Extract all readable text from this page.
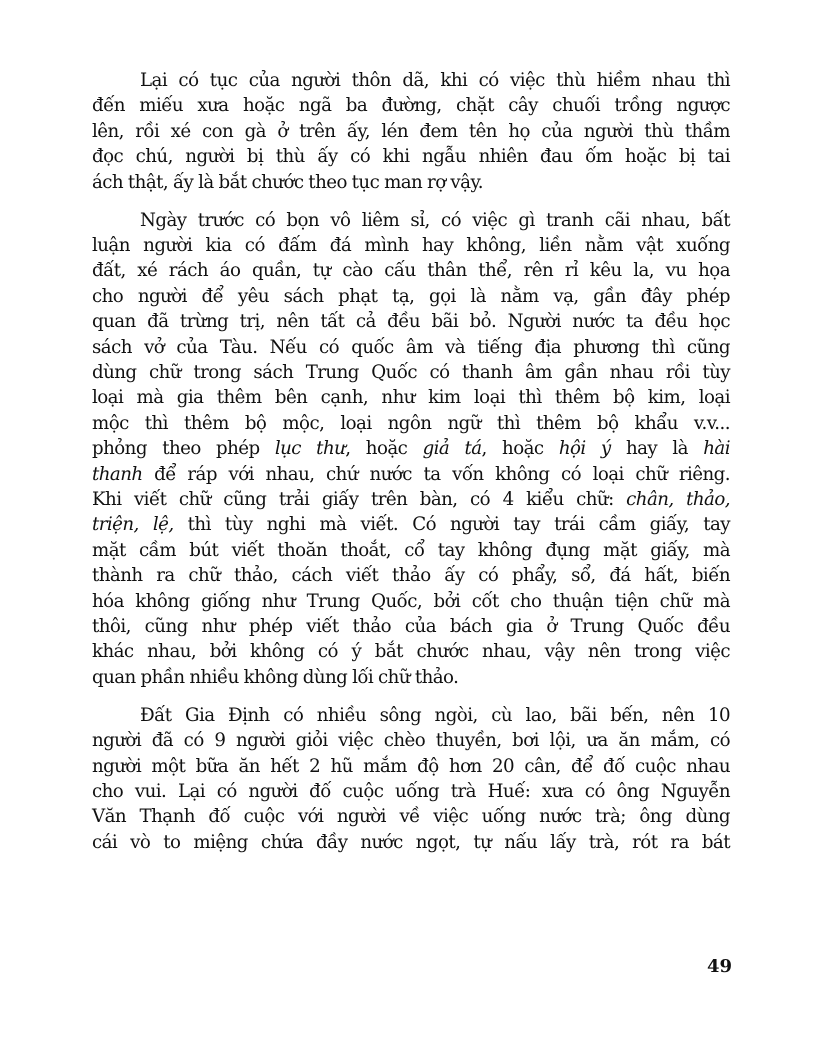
Lại có tục của người thôn dã, khi có việc thù hiềm nhau thì
đến miếu xưa hoặc ngã ba đường, chặt cây chuối trồng ngược
lên, rồi xé con gà ở trên ấy, lén đem tên họ của người thù thầm
đọc chú, người bị thù ấy có khi ngẫu nhiên đau ốm hoặc bị tai
ách thật, ấy là bắt chước theo tục man rợ vậy.

Ngày trước có bọn vô liêm sỉ, có việc gì tranh cãi nhau, bất
luận người kia có đấm đá mình hay không, liền nằm vật xuống
đất, xé rách áo quần, tự cào cấu thân thể, rên rỉ kêu la, vu họa
cho người để yêu sách phạt tạ, gọi là nằm vạ, gần đây phép
quan đã trừng trị, nên tất cả đều bãi bỏ. Người nước ta đều học
sách vở của Tàu. Nếu có quốc âm và tiếng địa phương thì cũng
dùng chữ trong sách Trung Quốc có thanh âm gần nhau rồi tùy
loại mà gia thêm bên cạnh, như kim loại thì thêm bộ kim, loại
mộc thì thêm bộ mộc, loại ngôn ngữ thì thêm bộ khẩu v.v...
phỏng theo phép lục thư, hoặc giả tá, hoặc hội ý hay là hài
thanh để ráp với nhau, chứ nước ta vốn không có loại chữ riêng.
Khi viết chữ cũng trải giấy trên bàn, có 4 kiểu chữ: chân, thảo,
triện, lệ, thì tùy nghi mà viết. Có người tay trái cầm giấy, tay
mặt cầm bút viết thoăn thoắt, cổ tay không đụng mặt giấy, mà
thành ra chữ thảo, cách viết thảo ấy có phẩy, sổ, đá hất, biến
hóa không giống như Trung Quốc, bởi cốt cho thuận tiện chữ mà
thôi, cũng như phép viết thảo của bách gia ở Trung Quốc đều
khác nhau, bởi không có ý bắt chước nhau, vậy nên trong việc
quan phần nhiều không dùng lối chữ thảo.

Đất Gia Định có nhiều sông ngòi, cù lao, bãi bến, nên 10
người đã có 9 người giỏi việc chèo thuyền, bơi lội, ưa ăn mắm, có
người một bữa ăn hết 2 hũ mắm độ hơn 20 cân, để đố cuộc nhau
cho vui. Lại có người đố cuộc uống trà Huế: xưa có ông Nguyễn
Văn Thạnh đố cuộc với người về việc uống nước trà; ông dùng
cái vò to miệng chứa đầy nước ngọt, tự nấu lấy trà, rót ra bát

49
